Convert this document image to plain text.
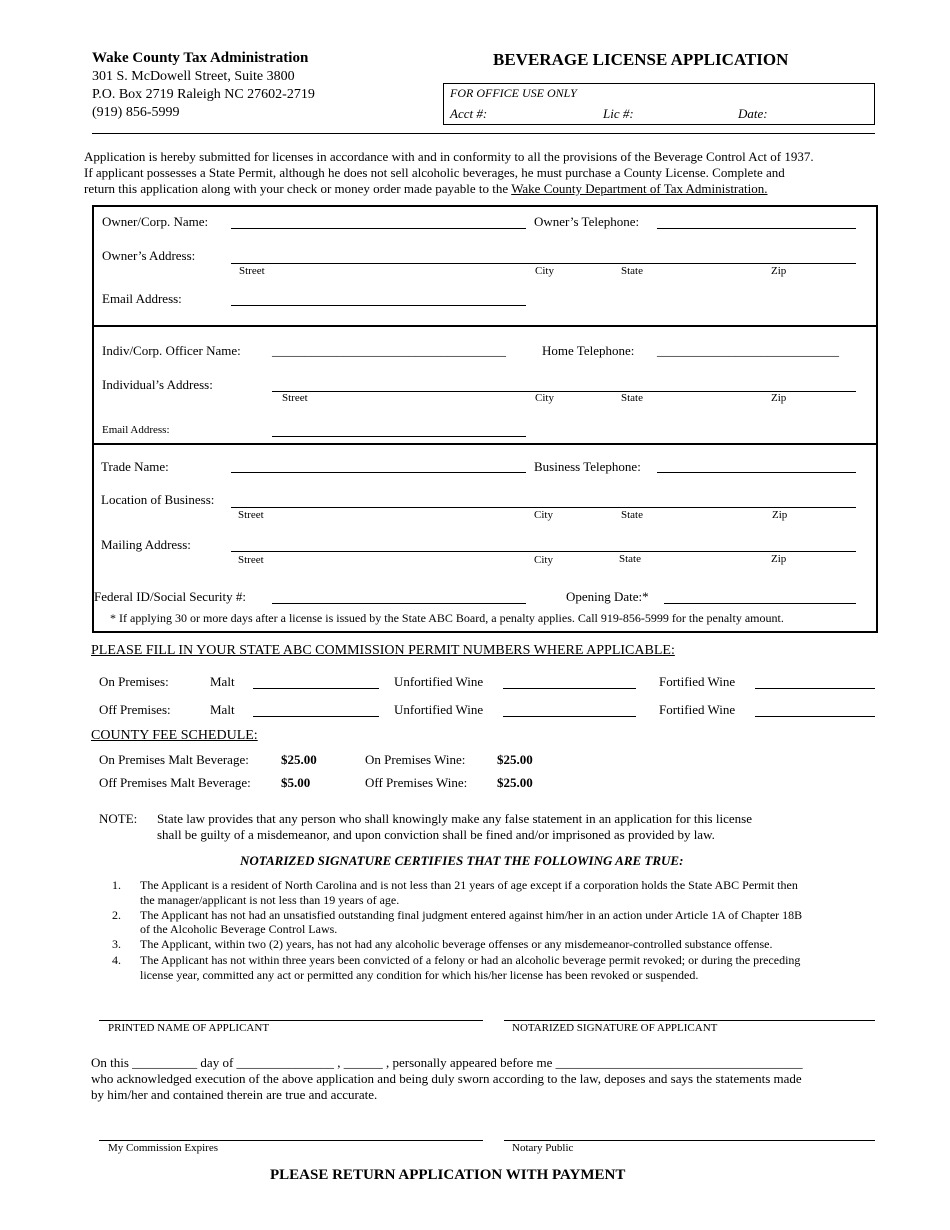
Wake County Tax Administration
301 S. McDowell Street, Suite 3800
P.O. Box 2719 Raleigh NC 27602-2719
(919) 856-5999
BEVERAGE LICENSE APPLICATION
FOR OFFICE USE ONLY
Acct #:	Lic #:	Date:
Application is hereby submitted for licenses in accordance with and in conformity to all the provisions of the Beverage Control Act of 1937.
If applicant possesses a State Permit, although he does not sell alcoholic beverages, he must purchase a County License. Complete and
return this application along with your check or money order made payable to the Wake County Department of Tax Administration.
Owner/Corp. Name:	Owner’s Telephone:
Owner’s Address:
Street	City	State	Zip
Email Address:
Indiv/Corp. Officer Name: ____________________________________	Home Telephone: ____________________________
Individual’s Address:
Street	City	State	Zip
Email Address:
Trade Name:	Business Telephone:
Location of Business:
Street	City	State	Zip
Mailing Address:
Street	City	State	Zip
Federal ID/Social Security #:	Opening Date:*
* If applying 30 or more days after a license is issued by the State ABC Board, a penalty applies. Call 919-856-5999 for the penalty amount.
PLEASE FILL IN YOUR STATE ABC COMMISSION PERMIT NUMBERS WHERE APPLICABLE:
On Premises:	Malt	Unfortified Wine	Fortified Wine
Off Premises:	Malt	Unfortified Wine	Fortified Wine
COUNTY FEE SCHEDULE:
On Premises Malt Beverage: $25.00	On Premises Wine: $25.00
Off Premises Malt Beverage: $5.00	Off Premises Wine: $25.00
NOTE: State law provides that any person who shall knowingly make any false statement in an application for this license
shall be guilty of a misdemeanor, and upon conviction shall be fined and/or imprisoned as provided by law.
NOTARIZED SIGNATURE CERTIFIES THAT THE FOLLOWING ARE TRUE:
1. The Applicant is a resident of North Carolina and is not less than 21 years of age except if a corporation holds the State ABC Permit then
the manager/applicant is not less than 19 years of age.
2. The Applicant has not had an unsatisfied outstanding final judgment entered against him/her in an action under Article 1A of Chapter 18B
of the Alcoholic Beverage Control Laws.
3. The Applicant, within two (2) years, has not had any alcoholic beverage offenses or any misdemeanor-controlled substance offense.
4. The Applicant has not within three years been convicted of a felony or had an alcoholic beverage permit revoked; or during the preceding
license year, committed any act or permitted any condition for which his/her license has been revoked or suspended.
PRINTED NAME OF APPLICANT	NOTARIZED SIGNATURE OF APPLICANT
On this __________ day of _______________ , ______ , personally appeared before me ______________________________________
who acknowledged execution of the above application and being duly sworn according to the law, deposes and says the statements made
by him/her and contained therein are true and accurate.
My Commission Expires	Notary Public
PLEASE RETURN APPLICATION WITH PAYMENT
